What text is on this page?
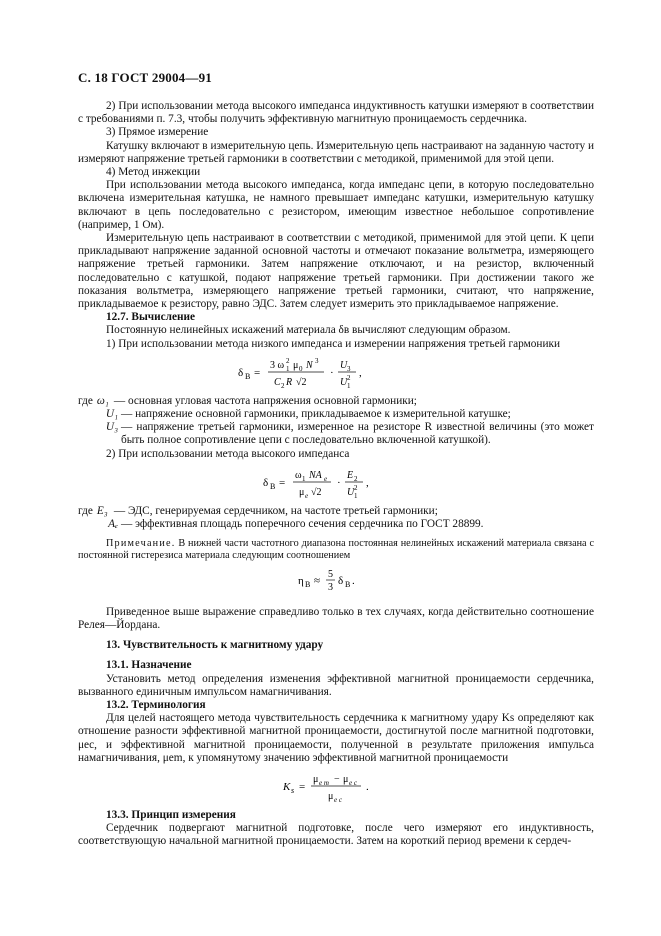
С. 18 ГОСТ 29004—91

2) При использовании метода высокого импеданса индуктивность катушки измеряют в соответствии с требованиями п. 7.3, чтобы получить эффективную магнитную проницаемость сердечника.

3) Прямое измерение

Катушку включают в измерительную цепь. Измерительную цепь настраивают на заданную частоту и измеряют напряжение третьей гармоники в соответствии с методикой, применимой для этой цепи.

4) Метод инжекции

При использовании метода высокого импеданса, когда импеданс цепи, в которую последовательно включена измерительная катушка, не намного превышает импеданс катушки, измерительную катушку включают в цепь последовательно с резистором, имеющим известное небольшое сопротивление (например, 1 Ом).

Измерительную цепь настраивают в соответствии с методикой, применимой для этой цепи. К цепи прикладывают напряжение заданной основной частоты и отмечают показание вольтметра, измеряющего напряжение третьей гармоники. Затем напряжение отключают, и на резистор, включенный последовательно с катушкой, подают напряжение третьей гармоники. При достижении такого же показания вольтметра, измеряющего напряжение третьей гармоники, считают, что напряжение, прикладываемое к резистору, равно ЭДС. Затем следует измерить это прикладываемое напряжение.

12.7. Вычисление

Постоянную нелинейных искажений материала δв вычисляют следующим образом.

1) При использовании метода низкого импеданса и измерении напряжения третьей гармоники

δ В =
3 ω 2
1 μ 0 N 3
C 2 R √2
·
U 3
U 2
1
,
где ω₁ — основная угловая частота напряжения основной гармоники;
U₁ — напряжение основной гармоники, прикладываемое к измерительной катушке;
U₃ — напряжение третьей гармоники, измеренное на резисторе R известной величины (это может быть полное сопротивление цепи с последовательно включенной катушкой).

2) При использовании метода высокого импеданса

δ В =
ω 1 NA e
μ e √2
·
E 2
U 2
1
,
где E₃ — ЭДС, генерируемая сердечником, на частоте третьей гармоники;
Aₑ — эффективная площадь поперечного сечения сердечника по ГОСТ 28899.

Примечание. В нижней части частотного диапазона постоянная нелинейных искажений материала связана с постоянной гистерезиса материала следующим соотношением

η В ≈
5
3
δ В .

Приведенное выше выражение справедливо только в тех случаях, когда действительно соотношение Релея—Йордана.

13. Чувствительность к магнитному удару

13.1. Назначение

Установить метод определения изменения эффективной магнитной проницаемости сердечника, вызванного единичным импульсом намагничивания.

13.2. Терминология

Для целей настоящего метода чувствительность сердечника к магнитному удару Ks определяют как отношение разности эффективной магнитной проницаемости, достигнутой после магнитной подготовки, μec, и эффективной магнитной проницаемости, полученной в результате приложения импульса намагничивания, μem, к упомянутому значению эффективной магнитной проницаемости

K s =
μ e m − μ e c
μ e c
.

13.3. Принцип измерения

Сердечник подвергают магнитной подготовке, после чего измеряют его индуктивность, соответствующую начальной магнитной проницаемости. Затем на короткий период времени к сердеч-
